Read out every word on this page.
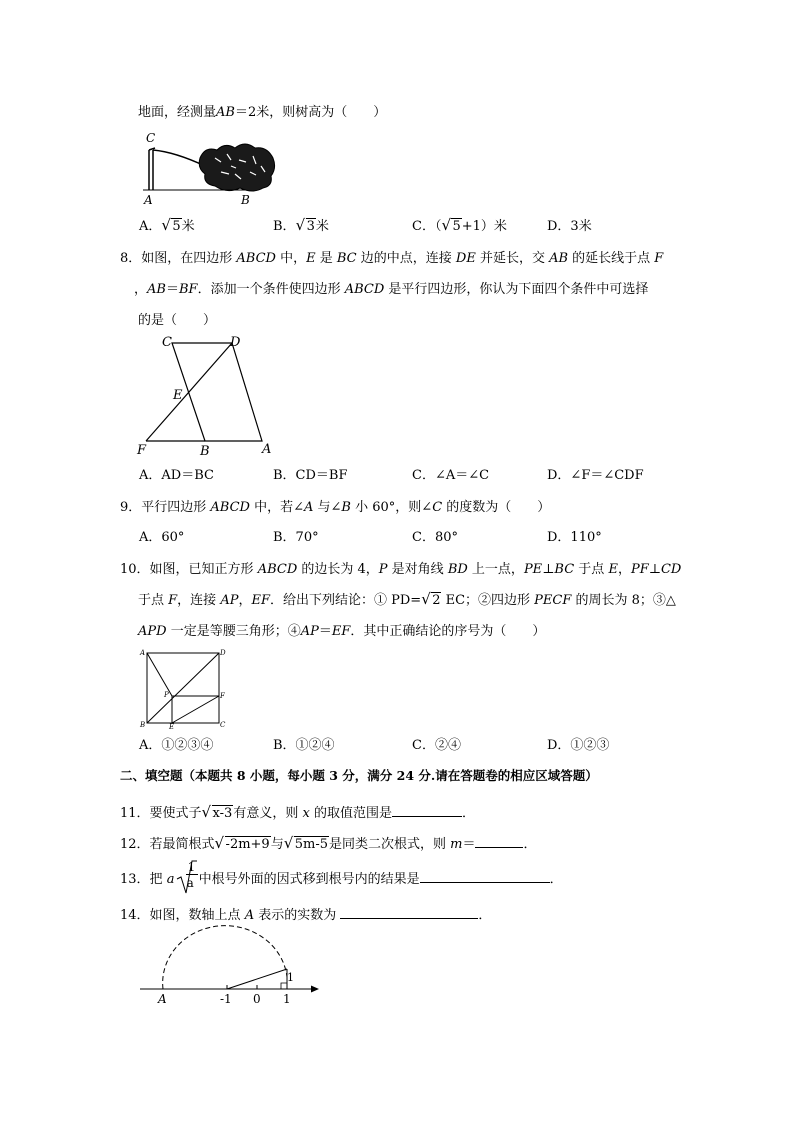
地面，经测量AB＝2米，则树高为（　　）
C
A	B
A． √ 5米	B． √ 3米	C．（ √ 5+1）米	D．3米
8．如图，在四边形 ABCD 中，E 是 BC 边的中点，连接 DE 并延长，交 AB 的延长线于点 F
，AB＝BF．添加一个条件使四边形 ABCD 是平行四边形，你认为下面四个条件中可选择
的是（　　）
C	D
E
F	B	A
A．AD＝BC	B．CD＝BF	C．∠A＝∠C	D．∠F＝∠CDF
9．平行四边形 ABCD 中，若∠A 与∠B 小 60°，则∠C 的度数为（　　）
A．60°	B．70°	C．80°	D．110°
10．如图，已知正方形 ABCD 的边长为 4，P 是对角线 BD 上一点，PE⊥BC 于点 E，PF⊥CD
于点 F，连接 AP，EF．给出下列结论：① PD= √ 2 EC；②四边形 PECF 的周长为 8；③△
APD 一定是等腰三角形；④AP＝EF．其中正确结论的序号为（　　）
A	D
P	F
B	E	C
A．①②③④	B．①②④	C．②④	D．①②③
二、填空题（本题共 8 小题，每小题 3 分，满分 24 分.请在答题卷的相应区域答题）
11．要使式子 √ x-3有意义，则 x 的取值范围是	．
12．若最简根式 √ -2m+9与 √ 5m-5是同类二次根式，则 m＝	．
13．把 a $\frac{1}{a}$ 中根号外面的因式移到根号内的结果是	．
14．如图，数轴上点 A 表示的实数为	．
A	-1 0 1
1
